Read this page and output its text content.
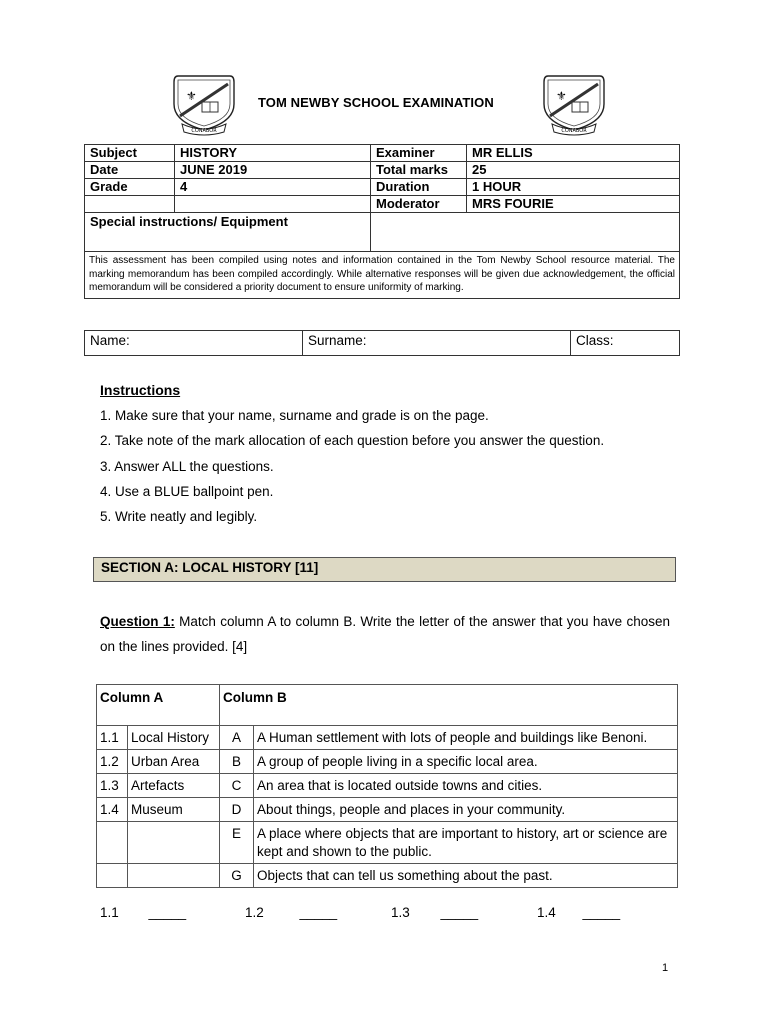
⚜
CONABOR
⚜
CONABOR
TOM NEWBY SCHOOL EXAMINATION
Subject	HISTORY	Examiner	MR ELLIS
Date	JUNE 2019	Total marks	25
Grade	4	Duration	1 HOUR
		Moderator	MRS FOURIE
Special instructions/ Equipment			
This assessment has been compiled using notes and information contained in the Tom Newby School resource material. The marking memorandum has been compiled accordingly. While alternative responses will be given due acknowledgement, the official memorandum will be considered a priority document to ensure uniformity of marking.			
Name:	Surname:	Class:
Instructions
1. Make sure that your name, surname and grade is on the page.
2. Take note of the mark allocation of each question before you answer the question.
3. Answer ALL the questions.
4. Use a BLUE ballpoint pen.
5. Write neatly and legibly.
SECTION A: LOCAL HISTORY [11]
Question 1: Match column A to column B. Write the letter of the answer that you have chosen on the lines provided. [4]
Column A		Column B	
1.1	Local History	A	A Human settlement with lots of people and buildings like Benoni.
1.2	Urban Area	B	A group of people living in a specific local area.
1.3	Artefacts	C	An area that is located outside towns and cities.
1.4	Museum	D	About things, people and places in your community.
		E	A place where objects that are important to history, art or science are kept and shown to the public.
		G	Objects that can tell us something about the past.
1.1 _____	1.2	_____	1.3 _____	1.4 _____
1
